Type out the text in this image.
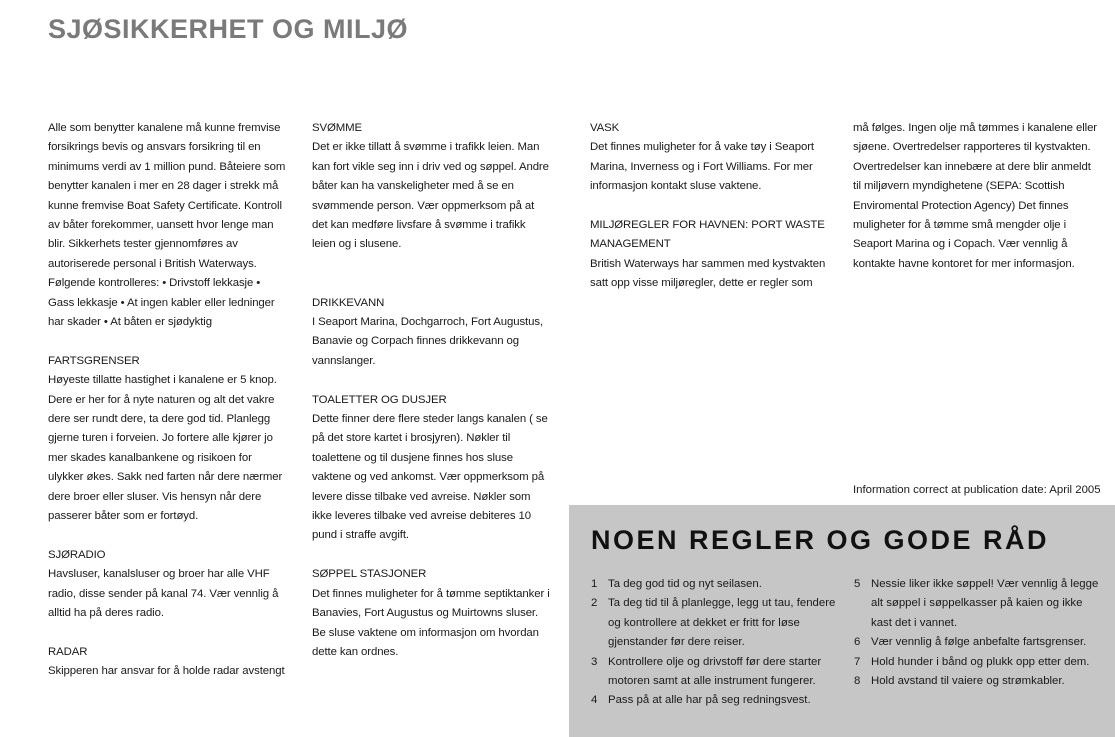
SJØSIKKERHET OG MILJØ

Alle som benytter kanalene må kunne fremvise forsikrings bevis og ansvars forsikring til en minimums verdi av 1 million pund. Båteiere som benytter kanalen i mer en 28 dager i strekk må kunne fremvise Boat Safety Certificate. Kontroll av båter forekommer, uansett hvor lenge man blir. Sikkerhets tester gjennomføres av autoriserede personal i British Waterways.

Følgende kontrolleres: • Drivstoff lekkasje • Gass lekkasje • At ingen kabler eller ledninger har skader • At båten er sjødyktig

FARTSGRENSER

Høyeste tillatte hastighet i kanalene er 5 knop. Dere er her for å nyte naturen og alt det vakre dere ser rundt dere, ta dere god tid. Planlegg gjerne turen i forveien. Jo fortere alle kjører jo mer skades kanalbankene og risikoen for ulykker økes. Sakk ned farten når dere nærmer dere broer eller sluser. Vis hensyn når dere passerer båter som er fortøyd.

SJØRADIO

Havsluser, kanalsluser og broer har alle VHF radio, disse sender på kanal 74. Vær vennlig å alltid ha på deres radio.

RADAR

Skipperen har ansvar for å holde radar avstengt

SVØMME

Det er ikke tillatt å svømme i trafikk leien. Man kan fort vikle seg inn i driv ved og søppel. Andre båter kan ha vanskeligheter med å se en svømmende person. Vær oppmerksom på at det kan medføre livsfare å svømme i trafikk leien og i slusene.

DRIKKEVANN

I Seaport Marina, Dochgarroch, Fort Augustus, Banavie og Corpach finnes drikkevann og vannslanger.

TOALETTER OG DUSJER

Dette finner dere flere steder langs kanalen ( se på det store kartet i brosjyren). Nøkler til toalettene og til dusjene finnes hos sluse vaktene og ved ankomst. Vær oppmerksom på levere disse tilbake ved avreise. Nøkler som ikke leveres tilbake ved avreise debiteres 10 pund i straffe avgift.

SØPPEL STASJONER

Det finnes muligheter for å tømme septiktanker i Banavies, Fort Augustus og Muirtowns sluser. Be sluse vaktene om informasjon om hvordan dette kan ordnes.

VASK

Det finnes muligheter for å vake tøy i Seaport Marina, Inverness og i Fort Williams. For mer informasjon kontakt sluse vaktene.

MILJØREGLER FOR HAVNEN: PORT WASTE MANAGEMENT

British Waterways har sammen med kystvakten satt opp visse miljøregler, dette er regler som

må følges. Ingen olje må tømmes i kanalene eller sjøene. Overtredelser rapporteres til kystvakten. Overtredelser kan innebære at dere blir anmeldt til miljøvern myndighetene (SEPA: Scottish Enviromental Protection Agency) Det finnes muligheter for å tømme små mengder olje i Seaport Marina og i Copach. Vær vennlig å kontakte havne kontoret for mer informasjon.

Information correct at publication date: April 2005
NOEN REGLER OG GODE RÅD
1 Ta deg god tid og nyt seilasen.
2 Ta deg tid til å planlegge, legg ut tau, fendere og kontrollere at dekket er fritt for løse gjenstander før dere reiser.
3 Kontrollere olje og drivstoff før dere starter motoren samt at alle instrument fungerer.
4 Pass på at alle har på seg redningsvest.
5 Nessie liker ikke søppel! Vær vennlig å legge alt søppel i søppelkasser på kaien og ikke kast det i vannet.
6 Vær vennlig å følge anbefalte fartsgrenser.
7 Hold hunder i bånd og plukk opp etter dem.
8 Hold avstand til vaiere og strømkabler.
